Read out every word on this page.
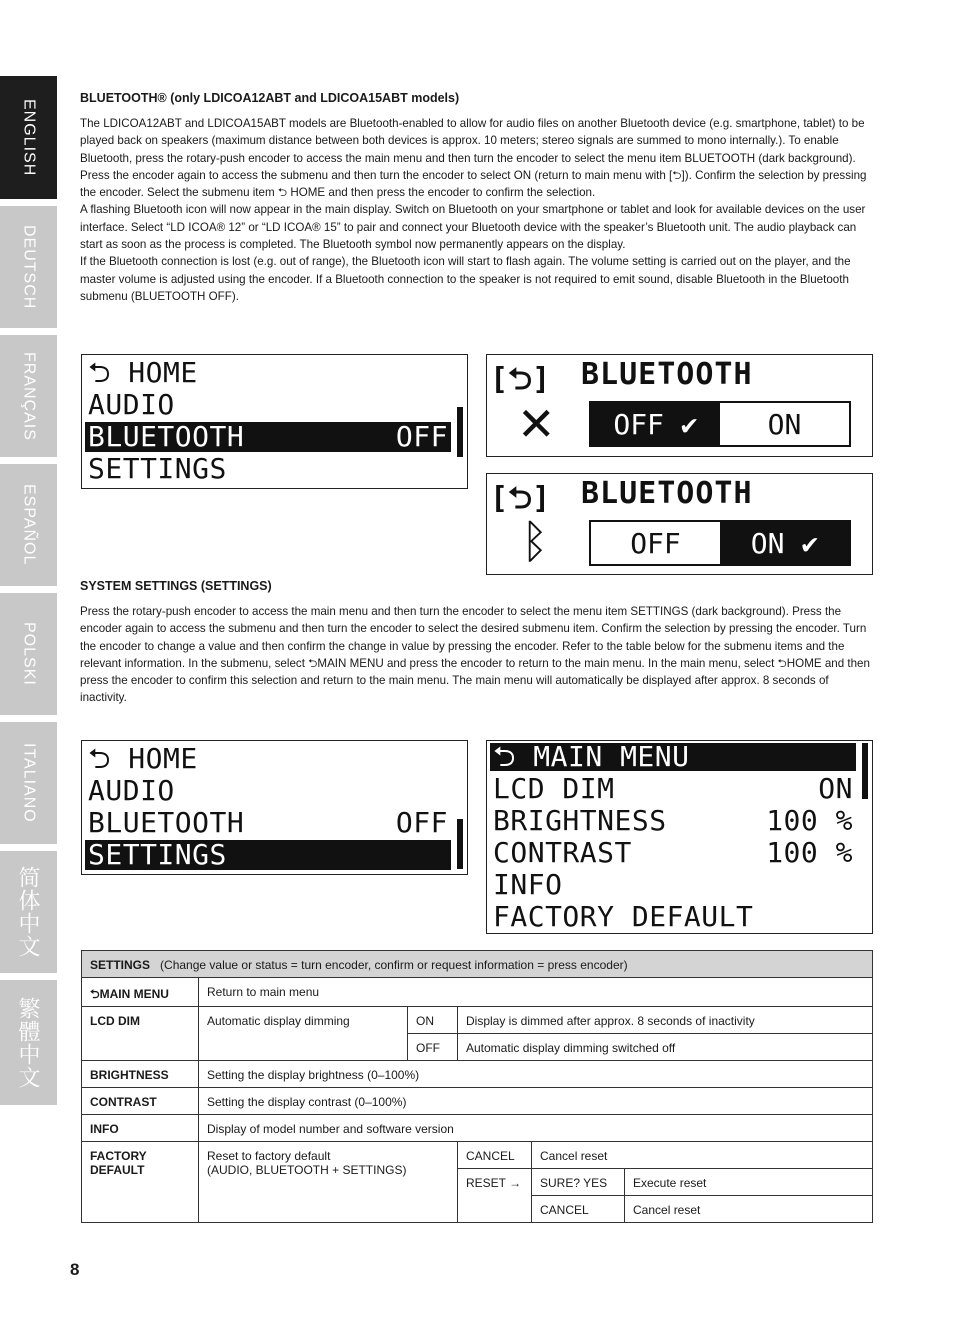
ENGLISH
DEUTSCH
FRANÇAIS
ESPAÑOL
POLSKI
ITALIANO
简体中文
繁體中文
BLUETOOTH® (only LDICOA12ABT and LDICOA15ABT models)

The LDICOA12ABT and LDICOA15ABT models are Bluetooth-enabled to allow for audio files on another Bluetooth device (e.g. smartphone, tablet) to be played back on speakers (maximum distance between both devices is approx. 10 meters; stereo signals are summed to mono internally.). To enable Bluetooth, press the rotary-push encoder to access the main menu and then turn the encoder to select the menu item BLUETOOTH (dark background). Press the encoder again to access the submenu and then turn the encoder to select ON (return to main menu with [⮌]). Confirm the selection by pressing the encoder. Select the submenu item ⮌ HOME and then press the encoder to confirm the selection.

A flashing Bluetooth icon will now appear in the main display. Switch on Bluetooth on your smartphone or tablet and look for available devices on the user interface. Select “LD ICOA® 12” or “LD ICOA® 15” to pair and connect your Bluetooth device with the speaker’s Bluetooth unit. The audio playback can start as soon as the process is completed. The Bluetooth symbol now permanently appears on the display.

If the Bluetooth connection is lost (e.g. out of range), the Bluetooth icon will start to flash again. The volume setting is carried out on the player, and the master volume is adjusted using the encoder. If a Bluetooth connection to the speaker is not required to emit sound, disable Bluetooth in the Bluetooth submenu (BLUETOOTH OFF).

⮌ HOME
AUDIO
BLUETOOTH	OFF
SETTINGS
[⮌] BLUETOOTH
✕	OFF ✔	ON
[⮌] BLUETOOTH
ᛒ	OFF	ON ✔
SYSTEM SETTINGS (SETTINGS)
Press the rotary-push encoder to access the main menu and then turn the encoder to select the menu item SETTINGS (dark background). Press the encoder again to access the submenu and then turn the encoder to select the desired submenu item. Confirm the selection by pressing the encoder. Turn the encoder to change a value and then confirm the change in value by pressing the encoder. Refer to the table below for the submenu items and the relevant information. In the submenu, select ⮌MAIN MENU and press the encoder to return to the main menu. In the main menu, select ⮌HOME and then press the encoder to confirm this selection and return to the main menu. The main menu will automatically be displayed after approx. 8 seconds of inactivity.
⮌ HOME
AUDIO
BLUETOOTH	OFF
SETTINGS
⮌ MAIN MENU
LCD DIM	ON
BRIGHTNESS	100 %
CONTRAST	100 %
INFO
FACTORY DEFAULT
SETTINGS (Change value or status = turn encoder, confirm or request information = press encoder)					
⮌MAIN MENU	Return to main menu				
LCD DIM	Automatic display dimming	ON	Display is dimmed after approx. 8 seconds of inactivity		
		OFF	Automatic display dimming switched off		
BRIGHTNESS	Setting the display brightness (0–100%)				
CONTRAST	Setting the display contrast (0–100%)				
INFO	Display of model number and software version				
FACTORY DEFAULT	Reset to factory default
(AUDIO, BLUETOOTH + SETTINGS)		CANCEL	Cancel reset	
			RESET →	SURE? YES	Execute reset
				CANCEL	Cancel reset
8
